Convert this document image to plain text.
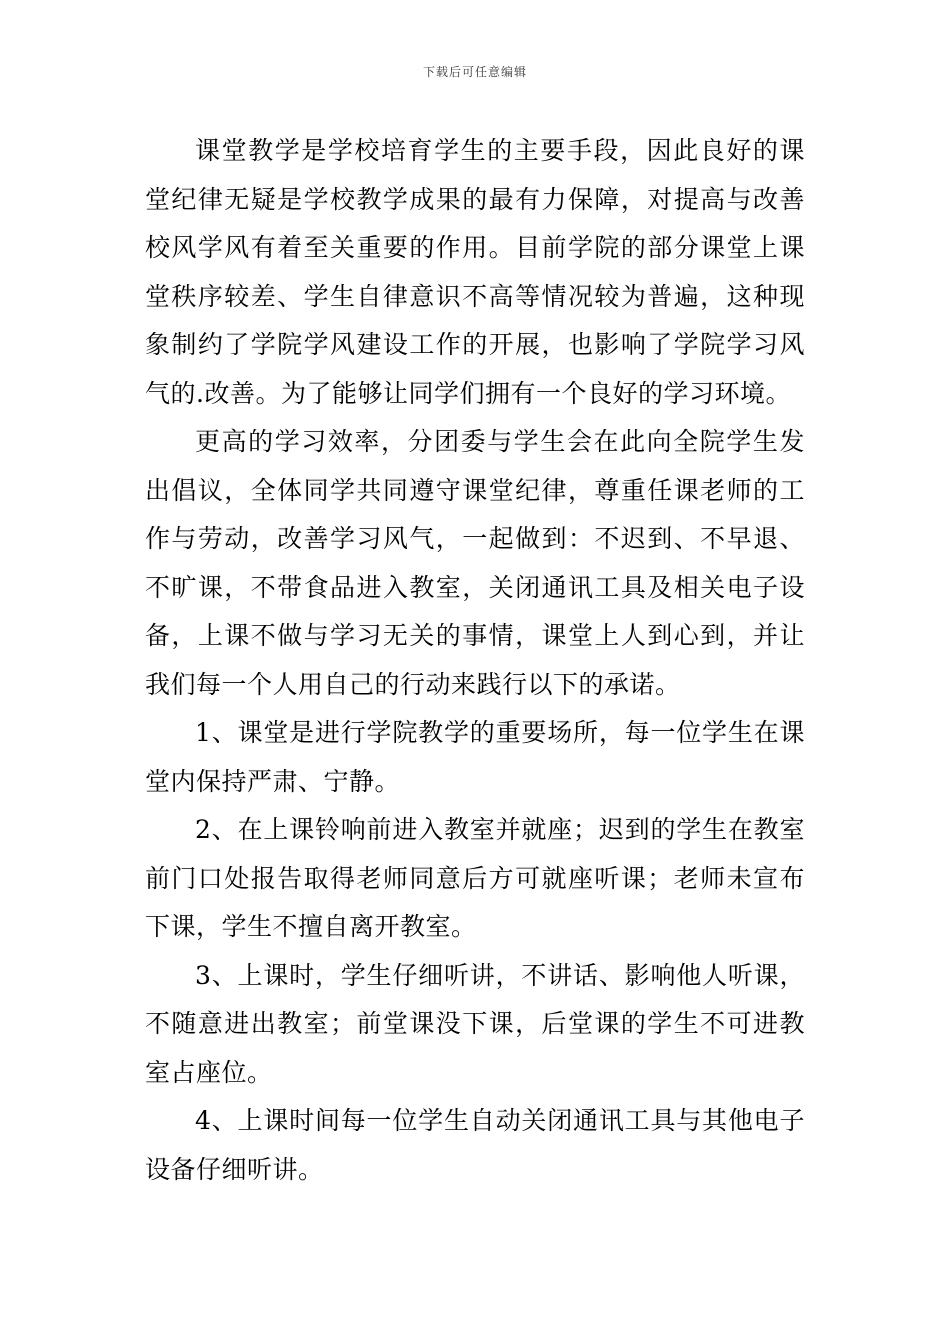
下载后可任意编辑

课堂教学是学校培育学生的主要手段，因此良好的课堂纪律无疑是学校教学成果的最有力保障，对提高与改善校风学风有着至关重要的作用。目前学院的部分课堂上课堂秩序较差、学生自律意识不高等情况较为普遍，这种现象制约了学院学风建设工作的开展，也影响了学院学习风气的.改善。为了能够让同学们拥有一个良好的学习环境。

更高的学习效率，分团委与学生会在此向全院学生发出倡议，全体同学共同遵守课堂纪律，尊重任课老师的工作与劳动，改善学习风气，一起做到：不迟到、不早退、不旷课，不带食品进入教室，关闭通讯工具及相关电子设备，上课不做与学习无关的事情，课堂上人到心到，并让我们每一个人用自己的行动来践行以下的承诺。

1、课堂是进行学院教学的重要场所，每一位学生在课堂内保持严肃、宁静。

2、在上课铃响前进入教室并就座；迟到的学生在教室前门口处报告取得老师同意后方可就座听课；老师未宣布下课，学生不擅自离开教室。

3、上课时，学生仔细听讲，不讲话、影响他人听课，不随意进出教室；前堂课没下课，后堂课的学生不可进教室占座位。

4、上课时间每一位学生自动关闭通讯工具与其他电子设备仔细听讲。
